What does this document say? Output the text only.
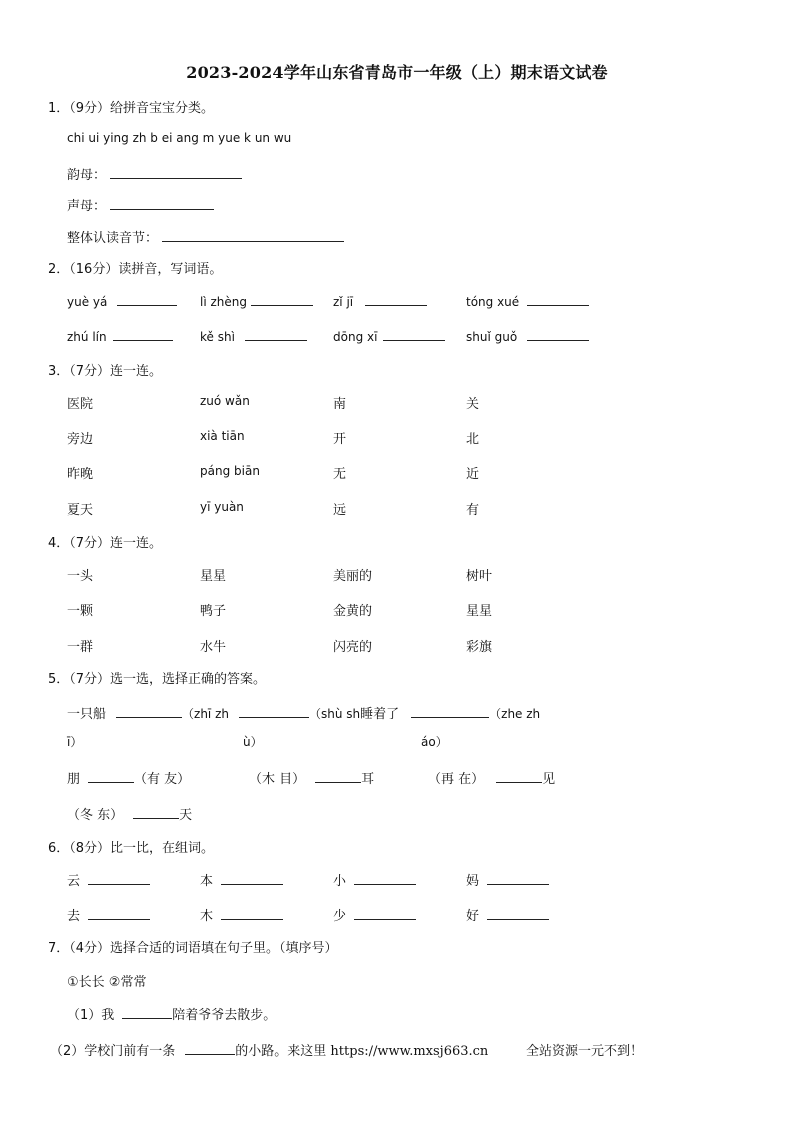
2023-2024学年山东省青岛市一年级（上）期末语文试卷
1．（9分）给拼音宝宝分类。
chi ui ying zh b ei ang m yue k un wu
韵母：
声母：
整体认读音节：
2．（16分）读拼音，写词语。
yuè yá	lì zhèng	zǐ jī	tóng xué
zhú lín	kě shì	dōng xī	shuǐ guǒ
3．（7分）连一连。
医院	zuó wǎn	南	关
旁边	xià tiān	开	北
昨晚	páng biān	无	近
夏天	yī yuàn	远	有
4．（7分）连一连。
一头	星星	美丽的	树叶
一颗	鸭子	金黄的	星星
一群	水牛	闪亮的	彩旗
5．（7分）选一选，选择正确的答案。
一只船	（zhī zh	（shù sh睡着了	（zhe zh
ī）	ù）	áo）
朋	（有 友）	（木 目）	耳	（再 在）	见
（冬 东）	天
6．（8分）比一比，在组词。
云	本	小	妈
去	木	少	好
7．（4分）选择合适的词语填在句子里。（填序号）
①长长 ②常常
（1）我	陪着爷爷去散步。
（2）学校门前有一条	的小路。来这里 https://www.mxsj663.cn	全站资源一元不到！
